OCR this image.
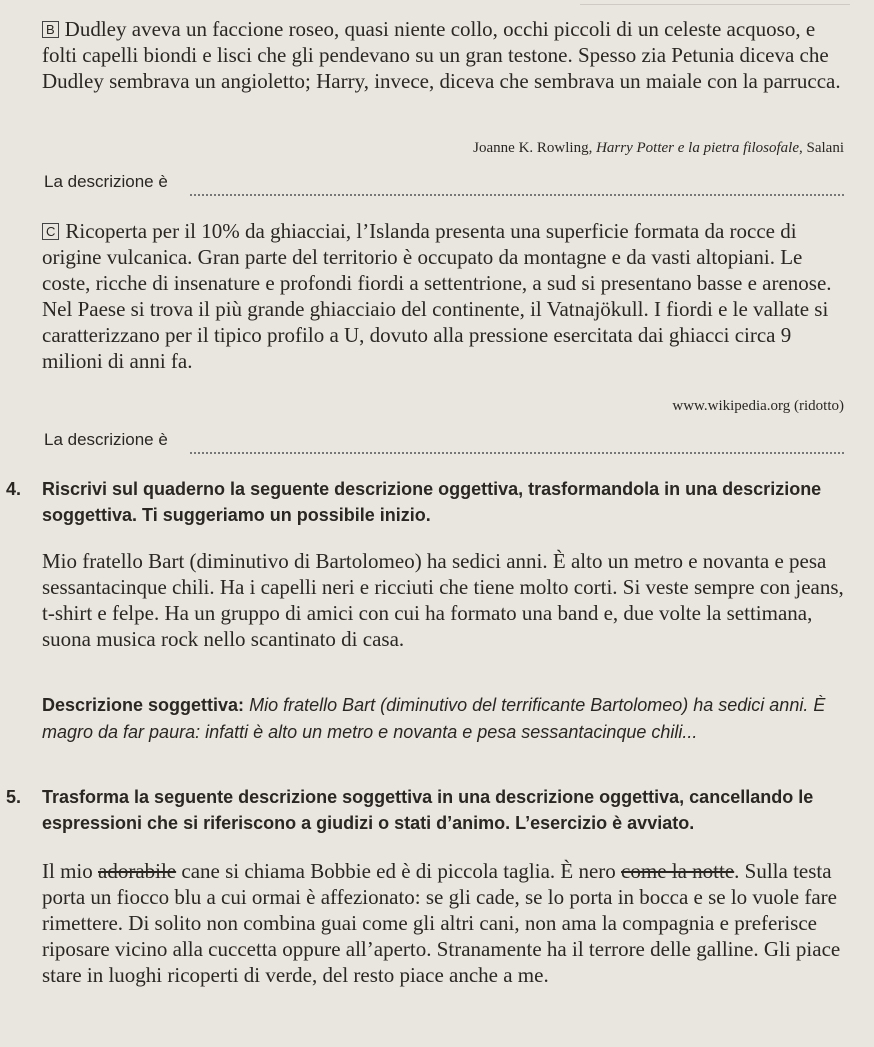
B Dudley aveva un faccione roseo, quasi niente collo, occhi piccoli di un celeste acquoso, e folti capelli biondi e lisci che gli pendevano su un gran testone. Spesso zia Petunia diceva che Dudley sembrava un angioletto; Harry, invece, diceva che sembrava un maiale con la parrucca.
Joanne K. Rowling, Harry Potter e la pietra filosofale, Salani
La descrizione è
C Ricoperta per il 10% da ghiacciai, l’Islanda presenta una superficie formata da rocce di origine vulcanica. Gran parte del territorio è occupato da montagne e da vasti altopiani. Le coste, ricche di insenature e profondi fiordi a settentrione, a sud si presentano basse e arenose. Nel Paese si trova il più grande ghiacciaio del continente, il Vatnajökull. I fiordi e le vallate si caratterizzano per il tipico profilo a U, dovuto alla pressione esercitata dai ghiacci circa 9 milioni di anni fa.
www.wikipedia.org (ridotto)
La descrizione è
4. Riscrivi sul quaderno la seguente descrizione oggettiva, trasformandola in una descrizione soggettiva. Ti suggeriamo un possibile inizio.
Mio fratello Bart (diminutivo di Bartolomeo) ha sedici anni. È alto un metro e novanta e pesa sessantacinque chili. Ha i capelli neri e ricciuti che tiene molto corti. Si veste sempre con jeans, t-shirt e felpe. Ha un gruppo di amici con cui ha formato una band e, due volte la settimana, suona musica rock nello scantinato di casa.
Descrizione soggettiva: Mio fratello Bart (diminutivo del terrificante Bartolomeo) ha sedici anni. È magro da far paura: infatti è alto un metro e novanta e pesa sessantacinque chili...
5. Trasforma la seguente descrizione soggettiva in una descrizione oggettiva, cancellando le espressioni che si riferiscono a giudizi o stati d’animo. L’esercizio è avviato.
Il mio adorabile cane si chiama Bobbie ed è di piccola taglia. È nero come la notte. Sulla testa porta un fiocco blu a cui ormai è affezionato: se gli cade, se lo porta in bocca e se lo vuole fare rimettere. Di solito non combina guai come gli altri cani, non ama la compagnia e preferisce riposare vicino alla cuccetta oppure all’aperto. Stranamente ha il terrore delle galline. Gli piace stare in luoghi ricoperti di verde, del resto piace anche a me.
